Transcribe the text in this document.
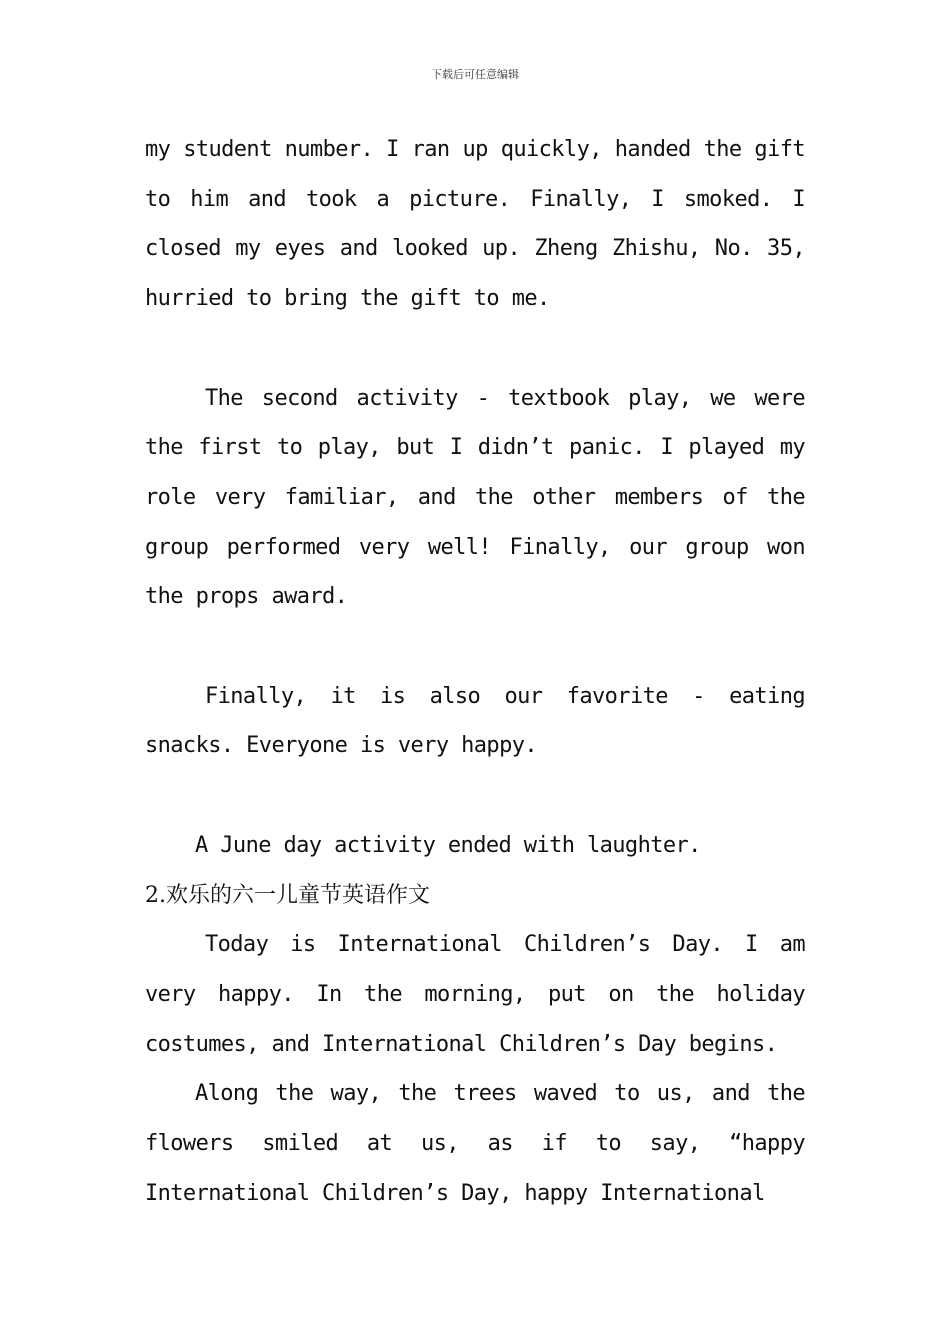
下载后可任意编辑

my student number. I ran up quickly, handed the gift to him and took a picture. Finally, I smoked. I closed my eyes and looked up. Zheng Zhishu, No. 35, hurried to bring the gift to me.

The second activity - textbook play, we were the first to play, but I didn’t panic. I played my role very familiar, and the other members of the group performed very well! Finally, our group won the props award.

Finally, it is also our favorite - eating snacks. Everyone is very happy.

A June day activity ended with laughter.

2.欢乐的六一儿童节英语作文

Today is International Children’s Day. I am very happy. In the morning, put on the holiday costumes, and International Children’s Day begins.

Along the way, the trees waved to us, and the flowers smiled at us, as if to say, “happy International Children’s Day, happy International
